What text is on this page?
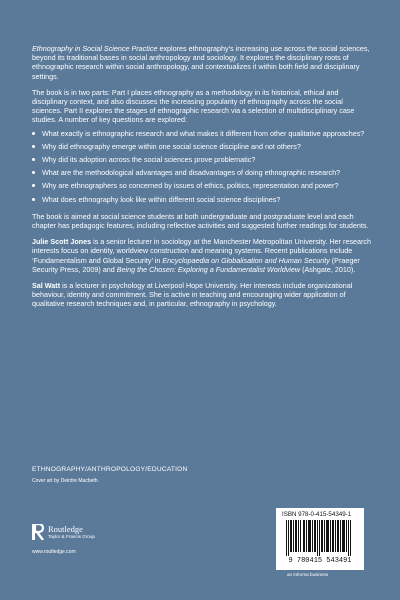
Ethnography in Social Science Practice explores ethnography’s increasing use across the social sciences, beyond its traditional bases in social anthropology and sociology. It explores the disciplinary roots of ethnographic research within social anthropology, and contextualizes it within both field and disciplinary settings.

The book is in two parts: Part I places ethnography as a methodology in its historical, ethical and disciplinary context, and also discusses the increasing popularity of ethnography across the social sciences. Part II explores the stages of ethnographic research via a selection of multidisciplinary case studies. A number of key questions are explored:

What exactly is ethnographic research and what makes it different from other qualitative approaches?
Why did ethnography emerge within one social science discipline and not others?
Why did its adoption across the social sciences prove problematic?
What are the methodological advantages and disadvantages of doing ethnographic research?
Why are ethnographers so concerned by issues of ethics, politics, representation and power?
What does ethnography look like within different social science disciplines?

The book is aimed at social science students at both undergraduate and postgraduate level and each chapter has pedagogic features, including reflective activities and suggested further readings for students.

Julie Scott Jones is a senior lecturer in sociology at the Manchester Metropolitan University. Her research interests focus on identity, worldview construction and meaning systems. Recent publications include ‘Fundamentalism and Global Security’ in Encyclopaedia on Globalisation and Human Security (Praeger Security Press, 2009) and Being the Chosen: Exploring a Fundamentalist Worldview (Ashgate, 2010).

Sal Watt is a lecturer in psychology at Liverpool Hope University. Her interests include organizational behaviour, identity and commitment. She is active in teaching and encouraging wider application of qualitative research techniques and, in particular, ethnography in psychology.

ETHNOGRAPHY/ANTHROPOLOGY/EDUCATION
Cover art by Deirdre Macbeth.
Routledge
Taylor & Francis Group
www.routledge.com
ISBN 978-0-415-54349-1
9 780415 543491
an informa business
